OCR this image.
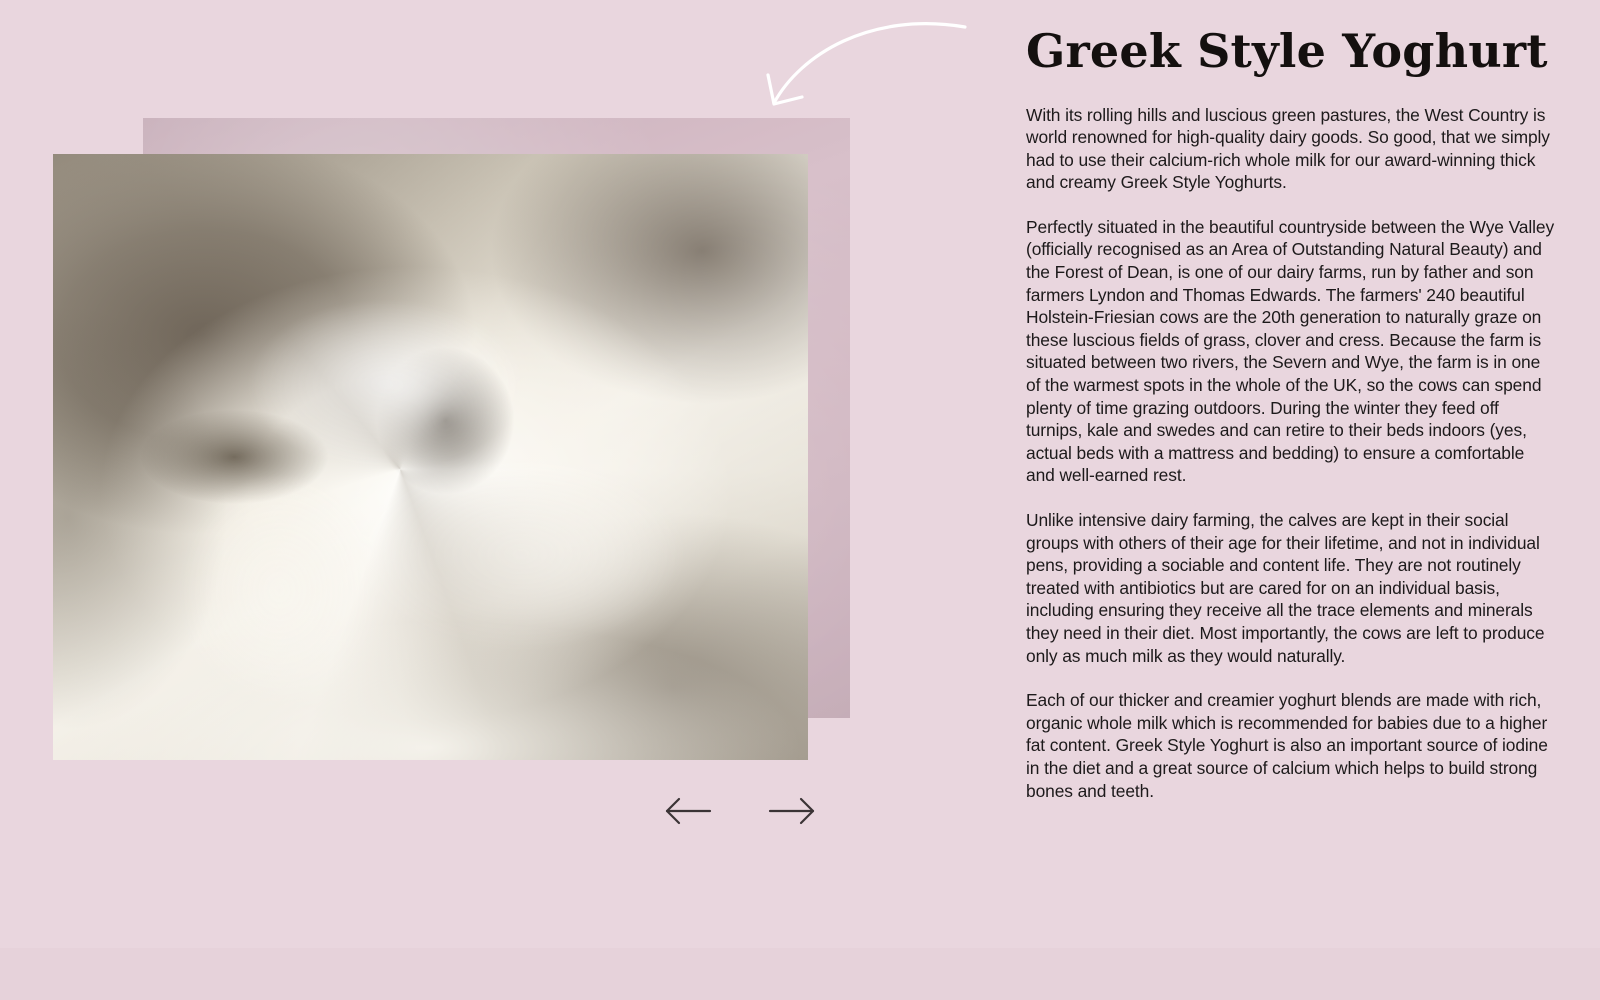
Greek Style Yoghurt

With its rolling hills and luscious green pastures, the West Country is world renowned for high-quality dairy goods. So good, that we simply had to use their calcium-rich whole milk for our award-winning thick and creamy Greek Style Yoghurts.

Perfectly situated in the beautiful countryside between the Wye Valley (officially recognised as an Area of Outstanding Natural Beauty) and the Forest of Dean, is one of our dairy farms, run by father and son farmers Lyndon and Thomas Edwards. The farmers' 240 beautiful Holstein-Friesian cows are the 20th generation to naturally graze on these luscious fields of grass, clover and cress. Because the farm is situated between two rivers, the Severn and Wye, the farm is in one of the warmest spots in the whole of the UK, so the cows can spend plenty of time grazing outdoors. During the winter they feed off turnips, kale and swedes and can retire to their beds indoors (yes, actual beds with a mattress and bedding) to ensure a comfortable and well-earned rest.

Unlike intensive dairy farming, the calves are kept in their social groups with others of their age for their lifetime, and not in individual pens, providing a sociable and content life. They are not routinely treated with antibiotics but are cared for on an individual basis, including ensuring they receive all the trace elements and minerals they need in their diet. Most importantly, the cows are left to produce only as much milk as they would naturally.

Each of our thicker and creamier yoghurt blends are made with rich, organic whole milk which is recommended for babies due to a higher fat content. Greek Style Yoghurt is also an important source of iodine in the diet and a great source of calcium which helps to build strong bones and teeth.
